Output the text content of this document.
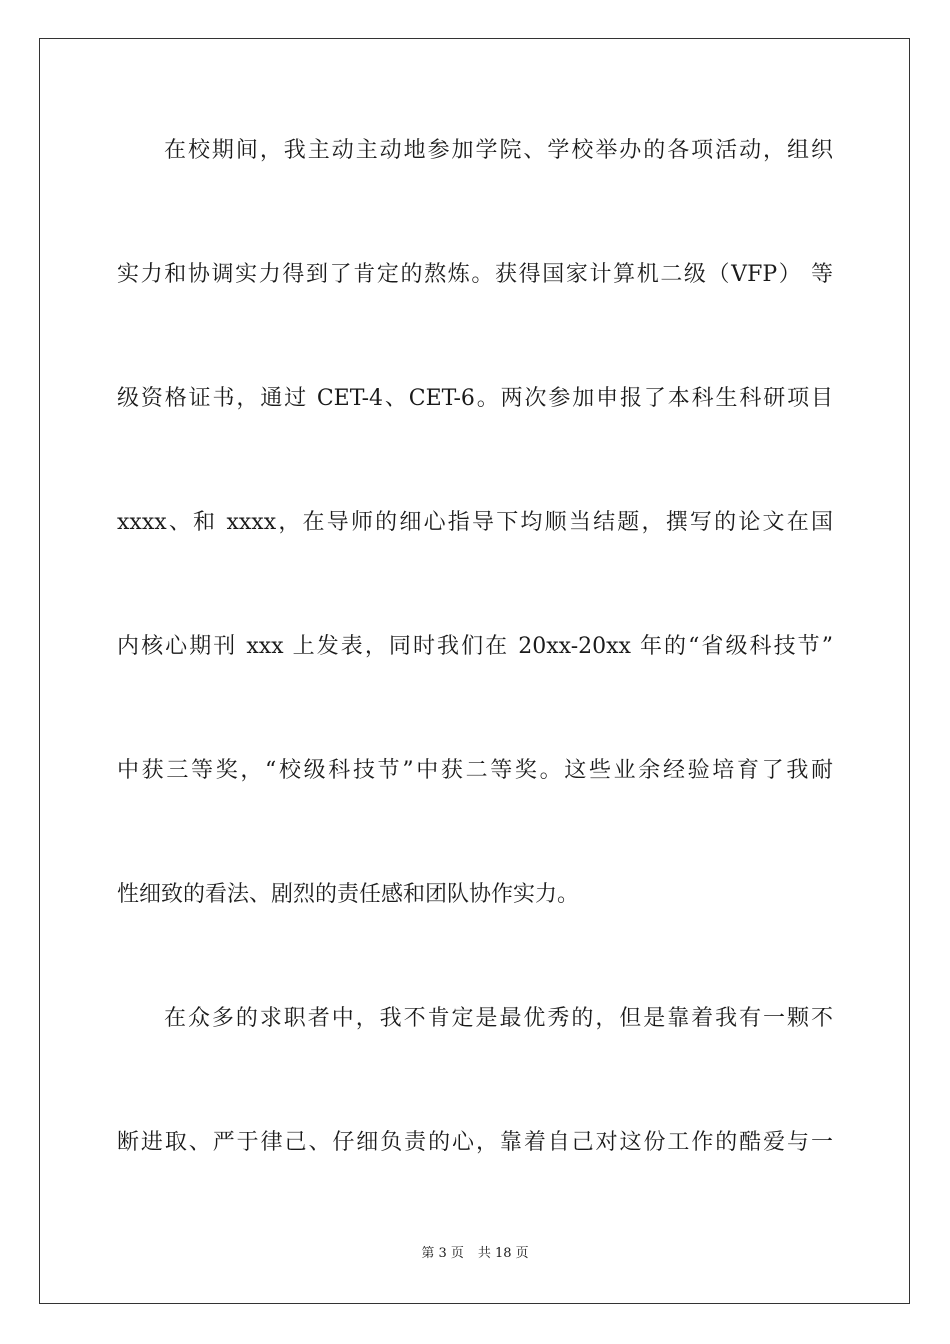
在校期间，我主动主动地参加学院、学校举办的各项活动，组织
实力和协调实力得到了肯定的熬炼。获得国家计算机二级（VFP） 等
级资格证书，通过 CET-4、CET-6。两次参加申报了本科生科研项目
xxxx、和 xxxx，在导师的细心指导下均顺当结题，撰写的论文在国
内核心期刊 xxx 上发表，同时我们在 20xx-20xx 年的“省级科技节”
中获三等奖，“校级科技节”中获二等奖。这些业余经验培育了我耐
性细致的看法、剧烈的责任感和团队协作实力。
在众多的求职者中，我不肯定是最优秀的，但是靠着我有一颗不
断进取、严于律己、仔细负责的心，靠着自己对这份工作的酷爱与一
第 3 页 共 18 页
